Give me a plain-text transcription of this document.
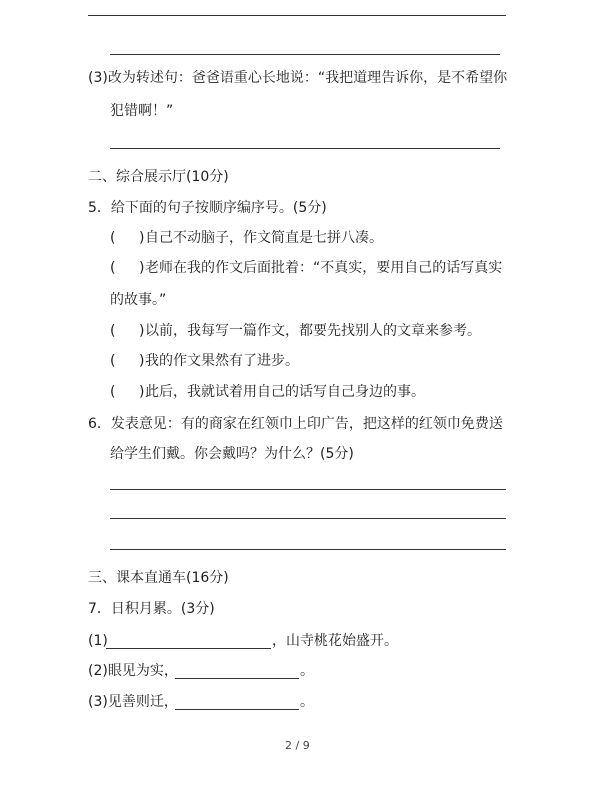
(3)改为转述句：爸爸语重心长地说：“我把道理告诉你，是不希望你
犯错啊！”
二、综合展示厅(10分)
5．给下面的句子按顺序编序号。(5分)
( ) 自己不动脑子，作文简直是七拼八凑。
( ) 老师在我的作文后面批着：“不真实，要用自己的话写真实
的故事。”
( ) 以前，我每写一篇作文，都要先找别人的文章来参考。
( ) 我的作文果然有了进步。
( ) 此后，我就试着用自己的话写自己身边的事。
6．发表意见：有的商家在红领巾上印广告，把这样的红领巾免费送
给学生们戴。你会戴吗？为什么？(5分)
三、课本直通车(16分)
7．日积月累。(3分)
(1)	，山寺桃花始盛开。
(2)眼见为实，	。
(3)见善则迁，	。
2 / 9
